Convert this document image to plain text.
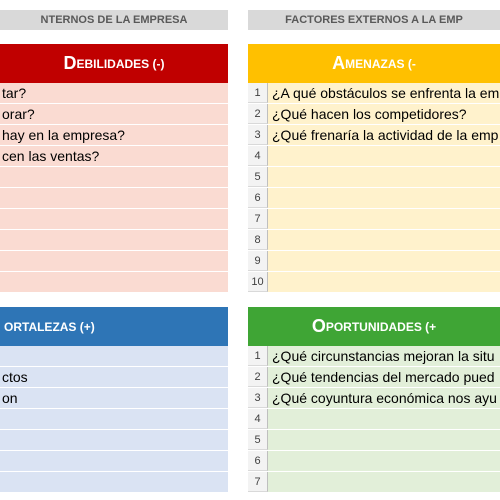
NTERNOS DE LA EMPRESA	FACTORES EXTERNOS A LA EMP
D EBILIDADES (-)
tar?
orar?
hay en la empresa?
cen las ventas?
A MENAZAS (-
1 ¿A qué obstáculos se enfrenta la em
2 ¿Qué hacen los competidores?
3 ¿Qué frenaría la actividad de la emp
4
5
6
7
8
9
10
ORTALEZAS (+)
ctos
on
O PORTUNIDADES (+
1 ¿Qué circunstancias mejoran la situ
2 ¿Qué tendencias del mercado pued
3 ¿Qué coyuntura económica nos ayu
4
5
6
7
